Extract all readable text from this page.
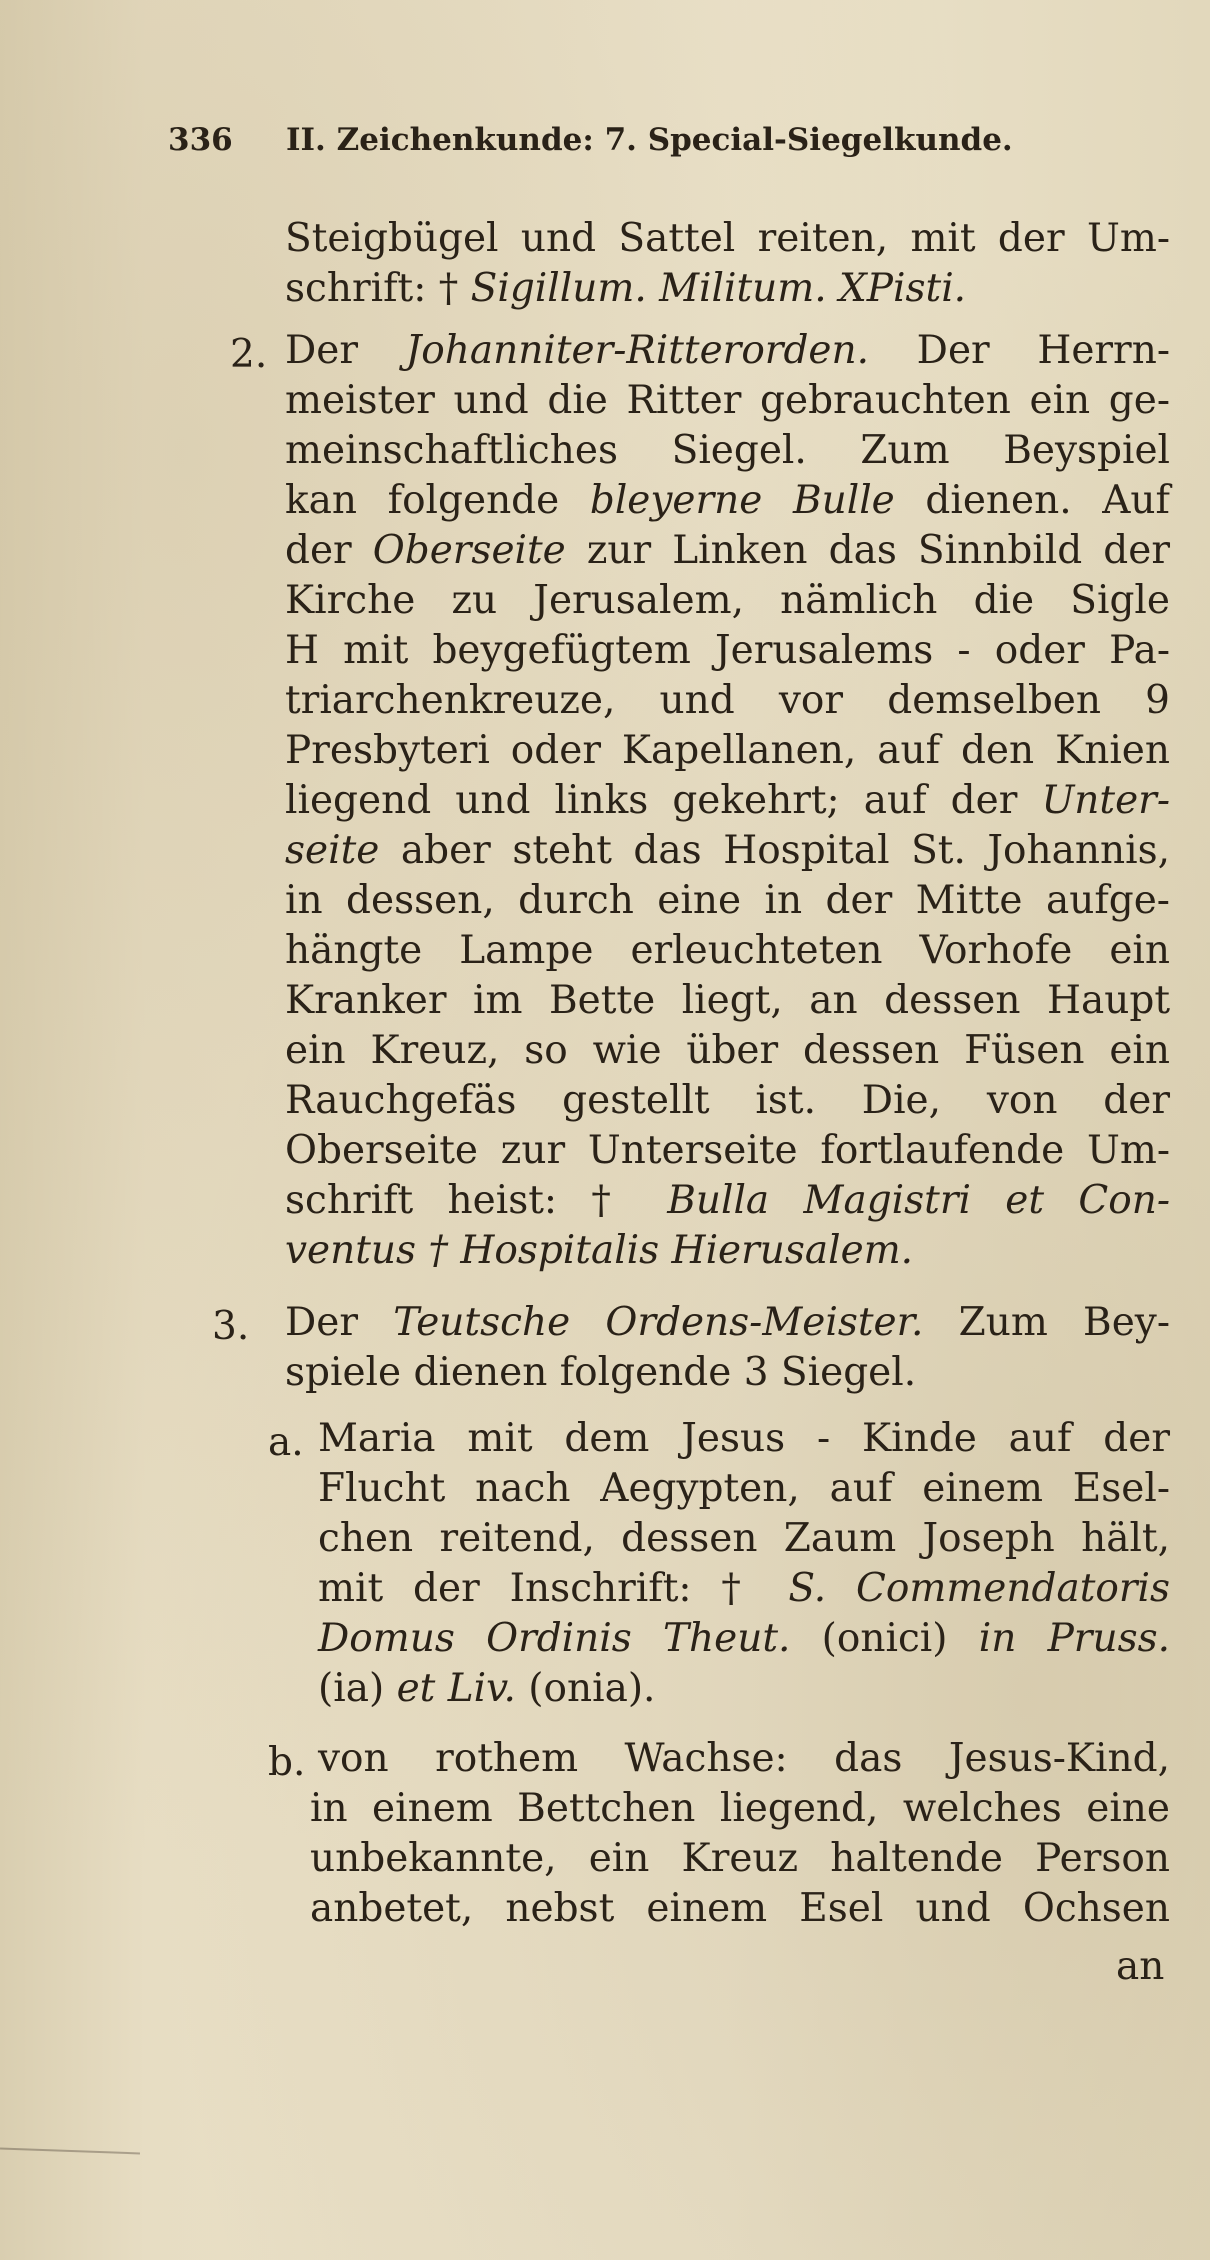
336 II. Zeichenkunde: 7. Special-Siegelkunde.
Steigbügel und Sattel reiten, mit der Um-
schrift: † Sigillum. Militum. XPisti.
2. Der Johanniter-Ritterorden. Der Herrn-
meister und die Ritter gebrauchten ein ge-
meinschaftliches Siegel. Zum Beyspiel
kan folgende bleyerne Bulle dienen. Auf
der Oberseite zur Linken das Sinnbild der
Kirche zu Jerusalem, nämlich die Sigle
H mit beygefügtem Jerusalems - oder Pa-
triarchenkreuze, und vor demselben 9
Presbyteri oder Kapellanen, auf den Knien
liegend und links gekehrt; auf der Unter-
seite aber steht das Hospital St. Johannis,
in dessen, durch eine in der Mitte aufge-
hängte Lampe erleuchteten Vorhofe ein
Kranker im Bette liegt, an dessen Haupt
ein Kreuz, so wie über dessen Füsen ein
Rauchgefäs gestellt ist. Die, von der
Oberseite zur Unterseite fortlaufende Um-
schrift heist: † Bulla Magistri et Con-
ventus † Hospitalis Hierusalem.
3. Der Teutsche Ordens-Meister. Zum Bey-
spiele dienen folgende 3 Siegel.
a. Maria mit dem Jesus - Kinde auf der
Flucht nach Aegypten, auf einem Esel-
chen reitend, dessen Zaum Joseph hält,
mit der Inschrift: † S. Commendatoris
Domus Ordinis Theut. (onici) in Pruss.
(ia) et Liv. (onia).
b. von rothem Wachse: das Jesus-Kind,
in einem Bettchen liegend, welches eine
unbekannte, ein Kreuz haltende Person
anbetet, nebst einem Esel und Ochsen
an
